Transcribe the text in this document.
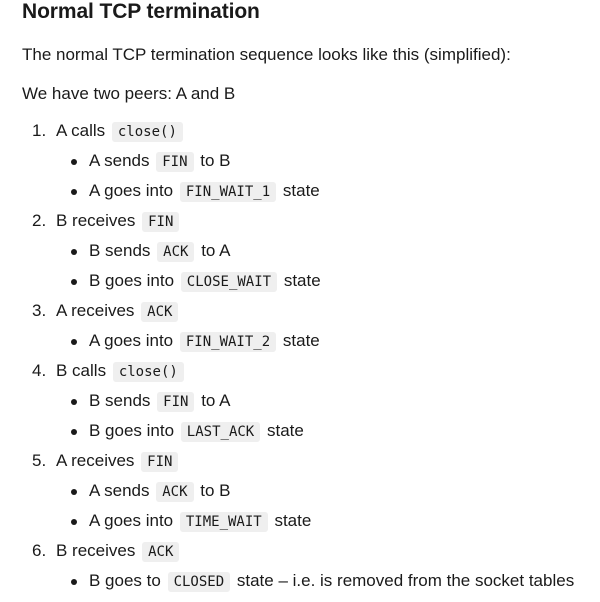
Normal TCP termination

The normal TCP termination sequence looks like this (simplified):

We have two peers: A and B

1. A calls close()
A sends FIN to B
A goes into FIN_WAIT_1 state
2. B receives FIN
B sends ACK to A
B goes into CLOSE_WAIT state
3. A receives ACK
A goes into FIN_WAIT_2 state
4. B calls close()
B sends FIN to A
B goes into LAST_ACK state
5. A receives FIN
A sends ACK to B
A goes into TIME_WAIT state
6. B receives ACK
B goes to CLOSED state – i.e. is removed from the socket tables
